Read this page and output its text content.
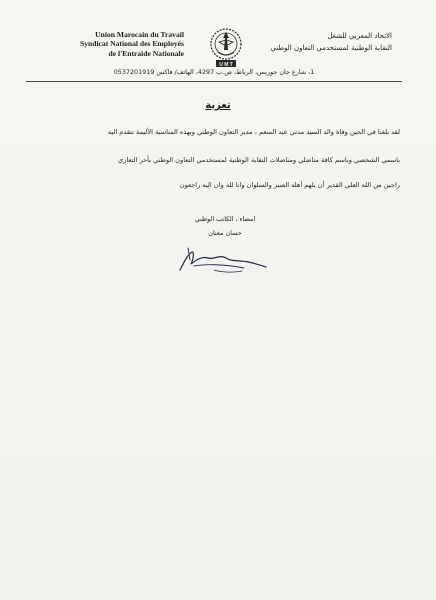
Union Marocain du Travail
Syndicat National des Employés
de l'Entraide Nationale
U M T
الاتحاد المغربي للشغل
النقابة الوطنية لمستخدمي التعاون الوطني
1، شارع جان جوريس، الرباط، ص.ب 4297، الهاتف/ فاكس 0537201919
تعزية
لقد بلغنا في الحين وفاة والد السيد مدني عبد المنعم ، مدير التعاون الوطني وبهذه المناسبة الأليمة نتقدم اليه
باسمي الشخصي وباسم كافة مناضلي ومناضلات النقابة الوطنية لمستخدمي التعاون الوطني بأحر التعازي
راجين من الله العلي القدير أن يلهم أهله الصبر والسلوان وانا لله وان اليه راجعون
امضاء ، الكاتب الوطني
حسان مغنان
